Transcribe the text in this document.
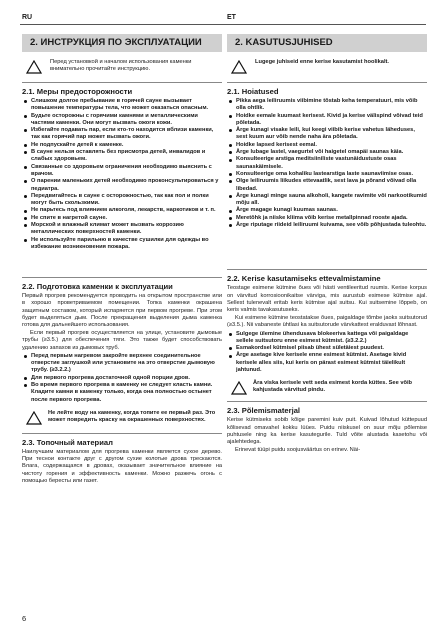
RU	ET
2. ИНСТРУКЦИЯ ПО ЭКСПЛУАТАЦИИ
Перед установкой и началом использования каменки внимательно прочитайте инструкцию.
2.1. Меры предосторожности
Слишком долгое пребывание в горячей сауне вызывает повышение температуры тела, что может оказаться опасным.
Будьте осторожны с горячими камнями и металлическими частями каменки. Они могут вызвать ожоги кожи.
Избегайте подавать пар, если кто-то находится вблизи каменки, так как горячий пар может вызвать ожоги.
Не подпускайте детей к каменке.
В сауне нельзя оставлять без присмотра детей, инвалидов и слабых здоровьем.
Связанные со здоровьем ограничения необходимо выяснить с врачом.
О парении маленьких детей необходимо проконсультироваться у педиатра.
Передвигайтесь в сауне с осторожностью, так как пол и полки могут быть скользкими.
Не парьтесь под влиянием алкоголя, лекарств, наркотиков и т. п.
Не спите в нагретой сауне.
Морской и влажный климат может вызвать коррозию металлических поверхностей каменки.
Не используйте парильню в качестве сушилки для одежды во избежание возникновения пожара.
2.2. Подготовка каменки к эксплуатации

Первый прогрев рекомендуется проводить на открытом пространстве или в хорошо проветриваемом помещении. Топка каменки окрашена защитным составом, который испаряется при первом прогреве. При этом будет выделяться дым. После прекращения выделения дыма каменка готова для дальнейшего использования.

Если первый прогрев осуществляется на улице, установите дымовые трубы (≥3.5.) для обеспечения тяги. Это также будет способствовать удалению запахов из дымовых труб.

Перед первым нагревом закройте верхнее соединительное отверстие заглушкой или установите на это отверстие дымовую трубу. (≥3.2.2.)
Для первого прогрева достаточной одной порции дров.
Во время первого прогрева в каменку не следует класть камни. Кладите камни в каменку только, когда она полностью остынет после первого прогрева.
Не лейте воду на каменку, когда топите ее первый раз. Это может повредить краску на окрашенных поверхностях.
2.3. Топочный материал

Наилучшим материалом для прогрева каменки является сухое дерево. При теснои контакте друг с другом сухие колотые дрова трескаются. Влага, содержащаяся в дровах, оказывает значительное влияние на чистоту горения и эффективность каменки. Можно разжечь огонь с помощью бересты или газет.

2. KASUTUSJUHISED
Lugege juhiseid enne kerise kasutamist hoolikalt.
2.1. Hoiatused
Pikka aega leiliruumis viibimine tõstab keha temperatuuri, mis võib olla ohtlik.
Hoidke eemale kuumast kerisest. Kivid ja kerise välispind võivad teid põletada.
Ärge kunagi visake leili, kui keegi viibib kerise vahetus läheduses, sest kuum aur võib nende naha ära põletada.
Hoidke lapsed kerisest eemal.
Ärge lubage lastel, vaegurtel või haigetel omapäi saunas käia.
Konsulteerige arstiga meditsiiniliste vastunäidustuste osas saunaskäimisele.
Konsulteerige oma kohaliku lastearstiga laste saunaviimise osas.
Olge leiliruumis liikudes ettevaatlik, sest lava ja põrand võivad olla libedad.
Ärge kunagi minge sauna alkoholi, kangete ravimite või narkootikumid mõju all.
Ärge magage kunagi kuumas saunas.
Meretõhk ja niiske kliima võib kerise metallpinnad rooste ajada.
Ärge riputage riideid leiliruumi kuivama, see võib põhjustada tuleohtu.
2.2. Kerise kasutamiseks ettevalmistamine

Teostage esimene kütmine õues või hästi ventileeritud ruumis. Kerise korpus on värvitud korrosioonikaitse värviga, mis aurustub esimese kütmise ajal. Sellest tulenevalt eritab keris kütmise ajal suitsu. Kui suitsemine lõppeb, on keris valmis tavakasutuseks.

Kui esimene kütmine teostatakse õues, paigaldage tõmbe jaoks suitsutorud (≥3.5.). Nii vabaneste ühtlasi ka suitsutorude värvkattest eralduvast lõhnast.

Sulgege ülemine ühendusava blokeeriva kattega või paigaldage sellele suitsutoru enne esimest kütmist. (≥3.2.2.)
Esmakordsel kütmisel piisab ühest sületäiest puudest.
Ärge asetage kive kerisele enne esimest kütmist. Asetage kivid kerisele alles siis, kui keris on pärast esimest kütmist täielikult jahtunud.
Ära viska kerisele vett seda esimest korda küttes. See võib kahjustada värvitud pindu.
2.3. Põlemismaterjal

Kerise kütmiseks sobib kõige paremini kuiv puit. Kuivad lõhutud küttepuud kõlisevad omavahel kokku lüües. Puidu niiskusel on suur mõju põlemise puhtusele ning ka kerise kasutegurile. Tuld võite alustada kasetohu või ajalehtedega.

Erinevat tüüpi puidu soojusväärtus on erinev. Näi-

6
